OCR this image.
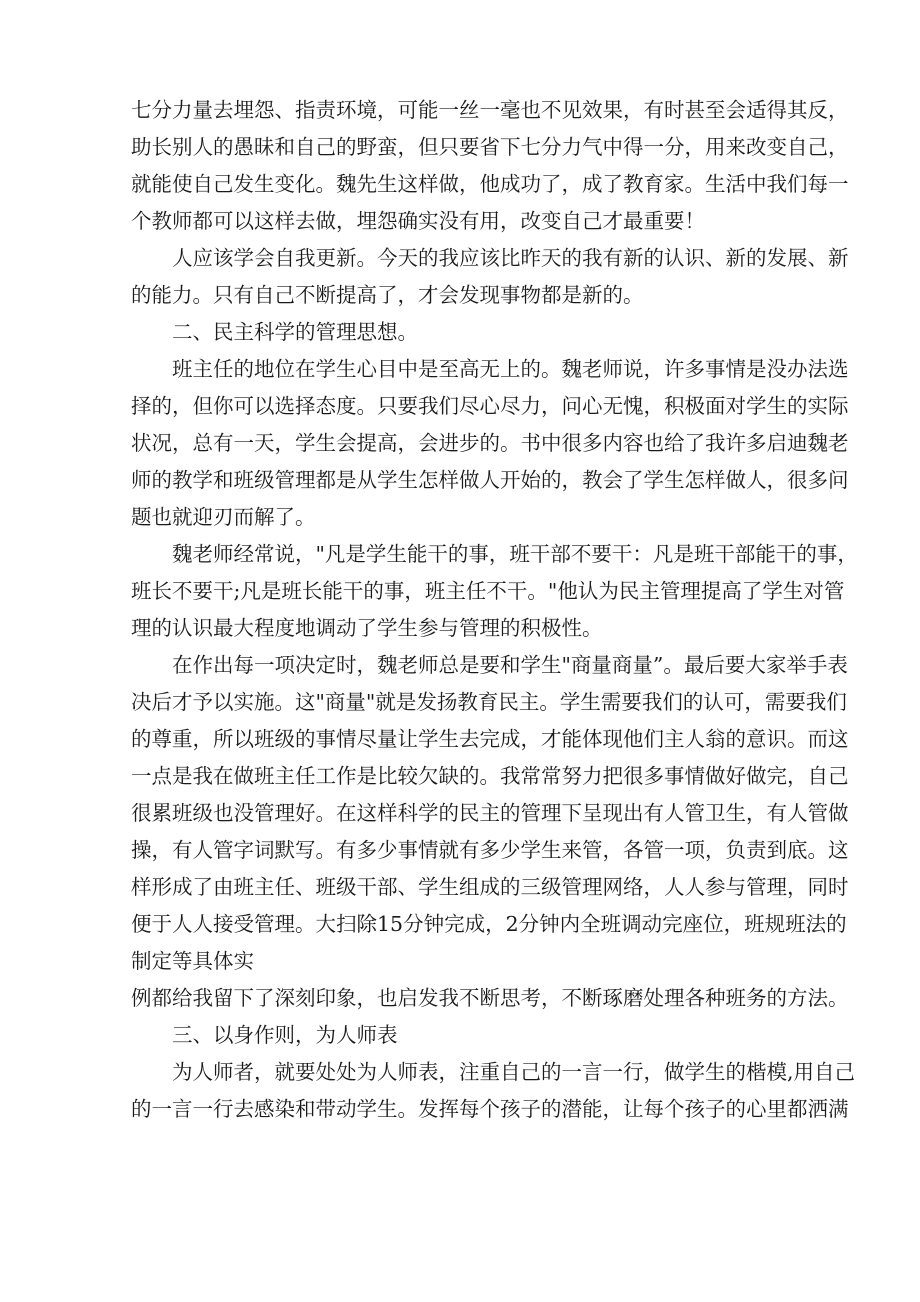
七分力量去埋怨、指责环境，可能一丝一毫也不见效果，有时甚至会适得其反，
助长别人的愚昧和自己的野蛮，但只要省下七分力气中得一分，用来改变自己，
就能使自己发生变化。魏先生这样做，他成功了，成了教育家。生活中我们每一
个教师都可以这样去做，埋怨确实没有用，改变自己才最重要！

人应该学会自我更新。今天的我应该比昨天的我有新的认识、新的发展、新
的能力。只有自己不断提高了，才会发现事物都是新的。

二、民主科学的管理思想。

班主任的地位在学生心目中是至高无上的。魏老师说，许多事情是没办法选
择的，但你可以选择态度。只要我们尽心尽力，问心无愧，积极面对学生的实际
状况，总有一天，学生会提高，会进步的。书中很多内容也给了我许多启迪魏老
师的教学和班级管理都是从学生怎样做人开始的，教会了学生怎样做人，很多问
题也就迎刃而解了。

魏老师经常说，"凡是学生能干的事，班干部不要干：凡是班干部能干的事，
班长不要干;凡是班长能干的事，班主任不干。"他认为民主管理提高了学生对管
理的认识最大程度地调动了学生参与管理的积极性。

在作出每一项决定时，魏老师总是要和学生"商量商量”。最后要大家举手表
决后才予以实施。这"商量"就是发扬教育民主。学生需要我们的认可，需要我们
的尊重，所以班级的事情尽量让学生去完成，才能体现他们主人翁的意识。而这
一点是我在做班主任工作是比较欠缺的。我常常努力把很多事情做好做完，自己
很累班级也没管理好。在这样科学的民主的管理下呈现出有人管卫生，有人管做
操，有人管字词默写。有多少事情就有多少学生来管，各管一项，负责到底。这
样形成了由班主任、班级干部、学生组成的三级管理网络，人人参与管理，同时
便于人人接受管理。大扫除15分钟完成，2分钟内全班调动完座位，班规班法的
制定等具体实

例都给我留下了深刻印象，也启发我不断思考，不断琢磨处理各种班务的方法。

三、以身作则，为人师表

为人师者，就要处处为人师表，注重自己的一言一行，做学生的楷模,用自己
的一言一行去感染和带动学生。发挥每个孩子的潜能，让每个孩子的心里都洒满
